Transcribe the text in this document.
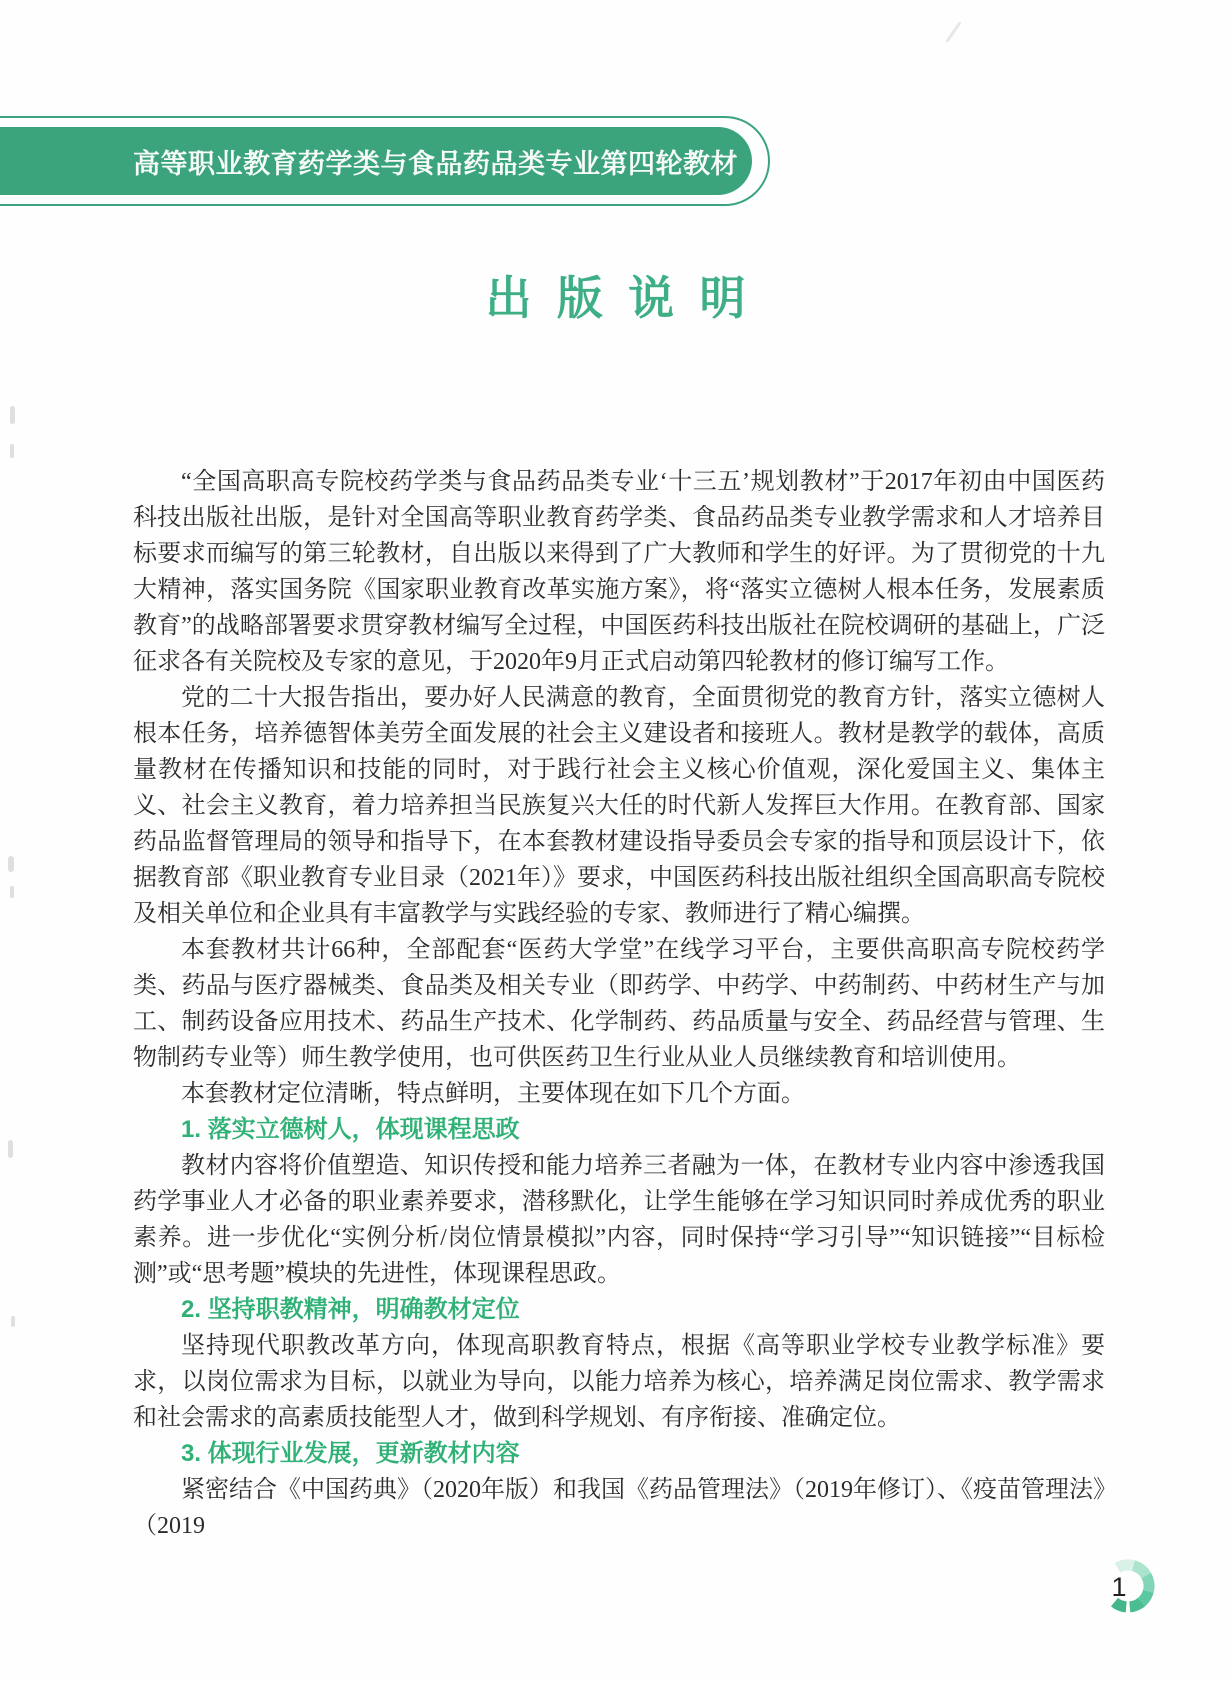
高等职业教育药学类与食品药品类专业第四轮教材
出版说明

“全国高职高专院校药学类与食品药品类专业‘十三五’规划教材”于2017年初由中国医药科技出版社出版，是针对全国高等职业教育药学类、食品药品类专业教学需求和人才培养目标要求而编写的第三轮教材，自出版以来得到了广大教师和学生的好评。为了贯彻党的十九大精神，落实国务院《国家职业教育改革实施方案》，将“落实立德树人根本任务，发展素质教育”的战略部署要求贯穿教材编写全过程，中国医药科技出版社在院校调研的基础上，广泛征求各有关院校及专家的意见，于2020年9月正式启动第四轮教材的修订编写工作。

党的二十大报告指出，要办好人民满意的教育，全面贯彻党的教育方针，落实立德树人根本任务，培养德智体美劳全面发展的社会主义建设者和接班人。教材是教学的载体，高质量教材在传播知识和技能的同时，对于践行社会主义核心价值观，深化爱国主义、集体主义、社会主义教育，着力培养担当民族复兴大任的时代新人发挥巨大作用。在教育部、国家药品监督管理局的领导和指导下，在本套教材建设指导委员会专家的指导和顶层设计下，依据教育部《职业教育专业目录（2021年）》要求，中国医药科技出版社组织全国高职高专院校及相关单位和企业具有丰富教学与实践经验的专家、教师进行了精心编撰。

本套教材共计66种，全部配套“医药大学堂”在线学习平台，主要供高职高专院校药学类、药品与医疗器械类、食品类及相关专业（即药学、中药学、中药制药、中药材生产与加工、制药设备应用技术、药品生产技术、化学制药、药品质量与安全、药品经营与管理、生物制药专业等）师生教学使用，也可供医药卫生行业从业人员继续教育和培训使用。

本套教材定位清晰，特点鲜明，主要体现在如下几个方面。

1. 落实立德树人，体现课程思政

教材内容将价值塑造、知识传授和能力培养三者融为一体，在教材专业内容中渗透我国药学事业人才必备的职业素养要求，潜移默化，让学生能够在学习知识同时养成优秀的职业素养。进一步优化“实例分析/岗位情景模拟”内容，同时保持“学习引导”“知识链接”“目标检测”或“思考题”模块的先进性，体现课程思政。

2. 坚持职教精神，明确教材定位

坚持现代职教改革方向，体现高职教育特点，根据《高等职业学校专业教学标准》要求，以岗位需求为目标，以就业为导向，以能力培养为核心，培养满足岗位需求、教学需求和社会需求的高素质技能型人才，做到科学规划、有序衔接、准确定位。

3. 体现行业发展，更新教材内容

紧密结合《中国药典》（2020年版）和我国《药品管理法》（2019年修订）、《疫苗管理法》（2019

1
